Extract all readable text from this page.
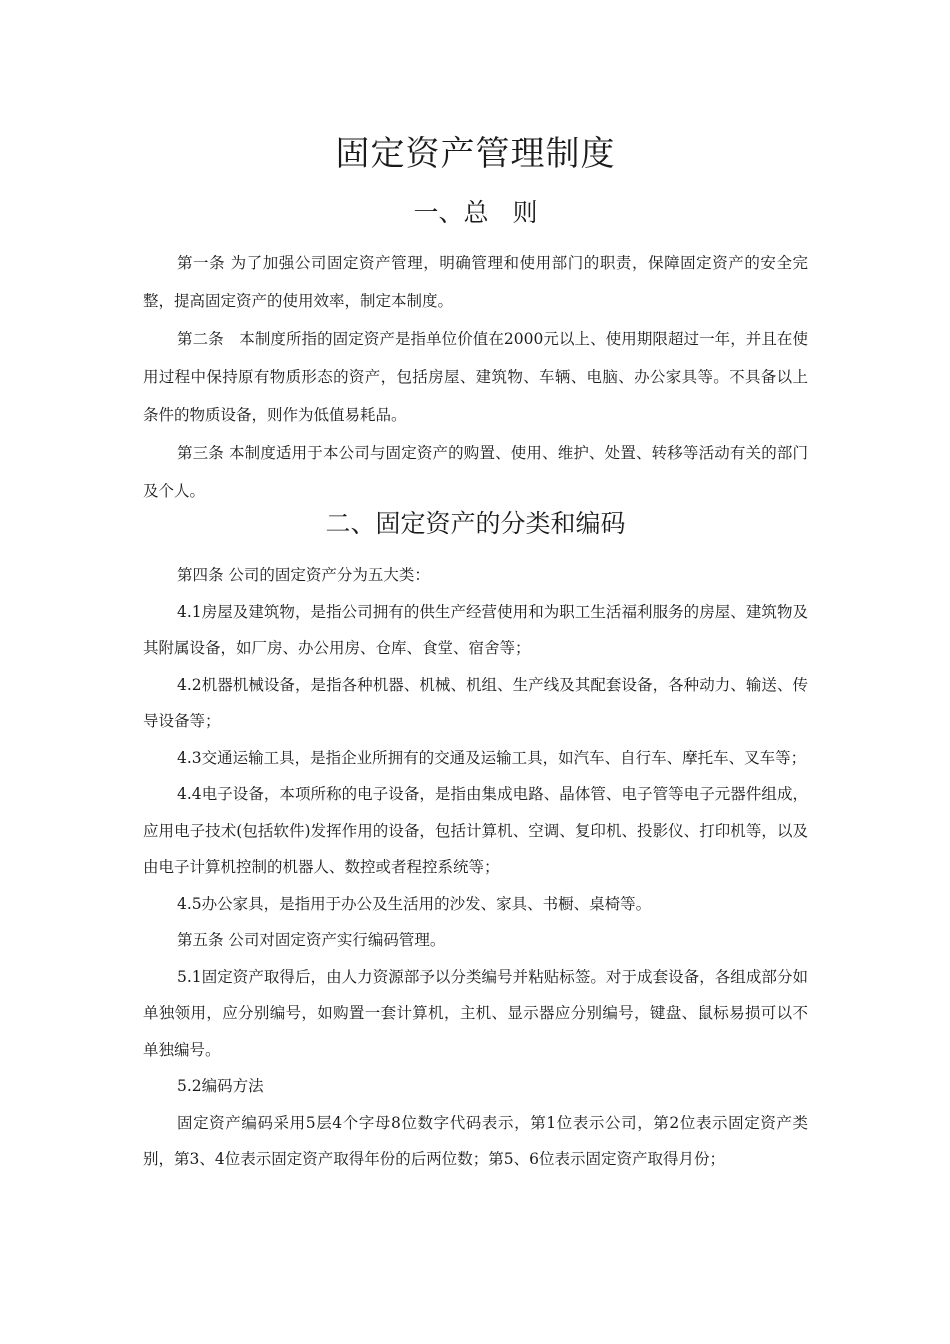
固定资产管理制度
一、总 则

第一条 为了加强公司固定资产管理，明确管理和使用部门的职责，保障固定资产的安全完整，提高固定资产的使用效率，制定本制度。

第二条　本制度所指的固定资产是指单位价值在2000元以上、使用期限超过一年，并且在使用过程中保持原有物质形态的资产，包括房屋、建筑物、车辆、电脑、办公家具等。不具备以上条件的物质设备，则作为低值易耗品。

第三条 本制度适用于本公司与固定资产的购置、使用、维护、处置、转移等活动有关的部门及个人。

二、固定资产的分类和编码

第四条 公司的固定资产分为五大类：

4.1房屋及建筑物，是指公司拥有的供生产经营使用和为职工生活福利服务的房屋、建筑物及其附属设备，如厂房、办公用房、仓库、食堂、宿舍等；

4.2机器机械设备，是指各种机器、机械、机组、生产线及其配套设备，各种动力、输送、传导设备等；

4.3交通运输工具，是指企业所拥有的交通及运输工具，如汽车、自行车、摩托车、叉车等；

4.4电子设备，本项所称的电子设备，是指由集成电路、晶体管、电子管等电子元器件组成，应用电子技术(包括软件)发挥作用的设备，包括计算机、空调、复印机、投影仪、打印机等，以及由电子计算机控制的机器人、数控或者程控系统等；

4.5办公家具，是指用于办公及生活用的沙发、家具、书橱、桌椅等。

第五条 公司对固定资产实行编码管理。

5.1固定资产取得后，由人力资源部予以分类编号并粘贴标签。对于成套设备，各组成部分如单独领用，应分别编号，如购置一套计算机，主机、显示器应分别编号，键盘、鼠标易损可以不单独编号。

5.2编码方法

固定资产编码采用5层4个字母8位数字代码表示，第1位表示公司，第2位表示固定资产类别，第3、4位表示固定资产取得年份的后两位数；第5、6位表示固定资产取得月份；
